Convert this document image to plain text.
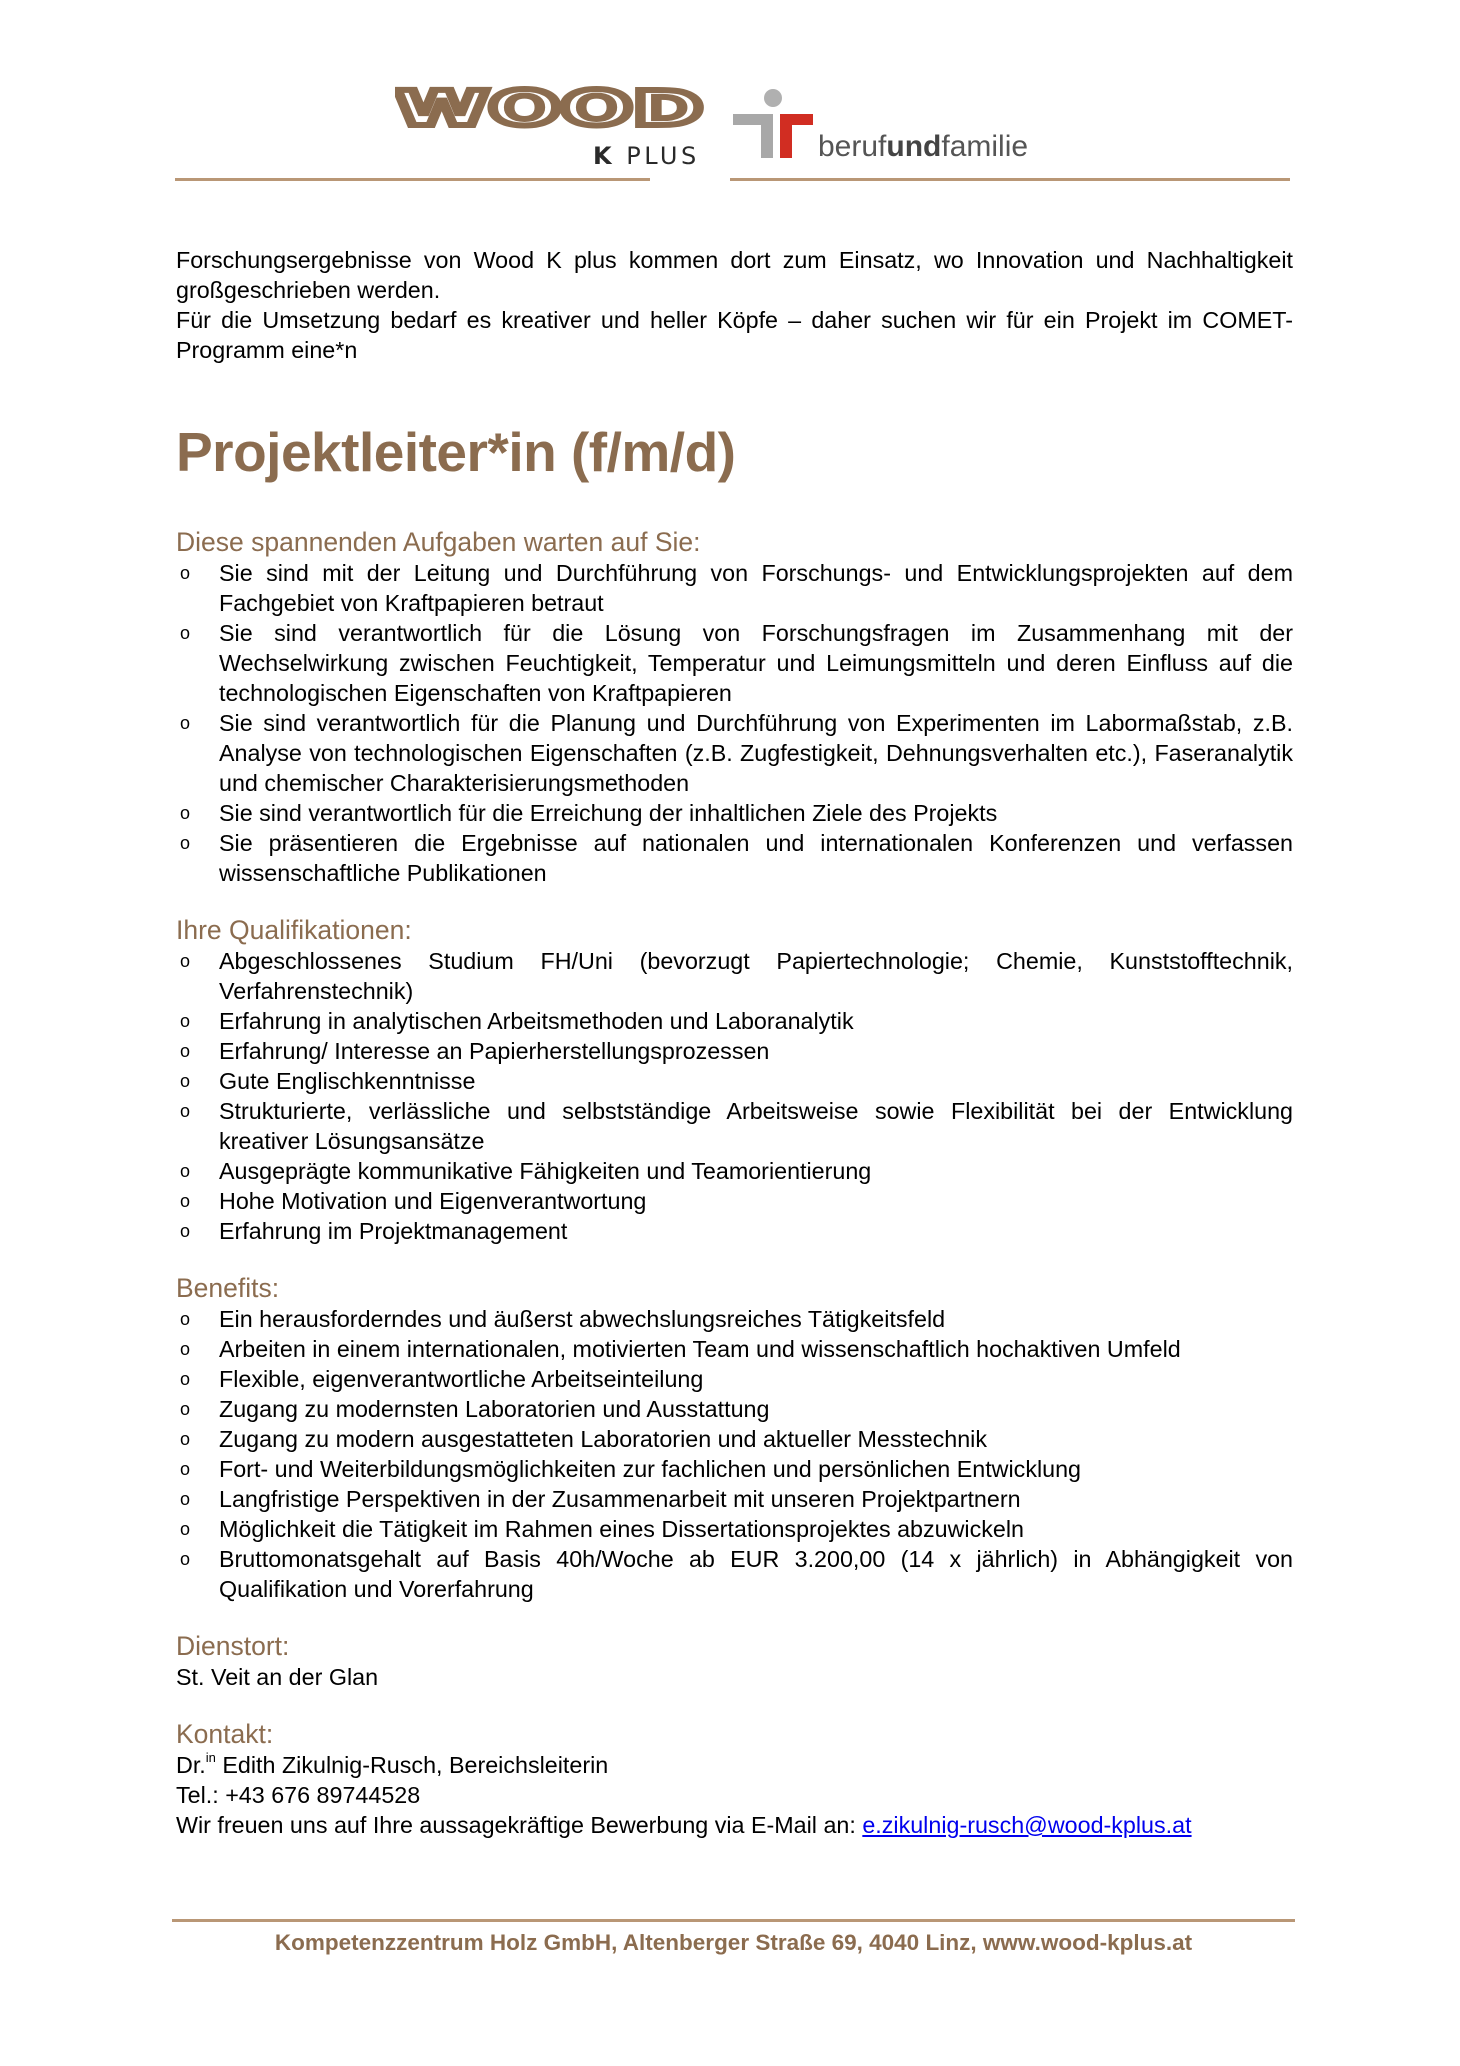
WOOD
K PLUS	berufundfamilie

Forschungsergebnisse von Wood K plus kommen dort zum Einsatz, wo Innovation und Nachhaltigkeit großgeschrieben werden.

Für die Umsetzung bedarf es kreativer und heller Köpfe – daher suchen wir für ein Projekt im COMET-Programm eine*n

Projektleiter*in (f/m/d)
Diese spannenden Aufgaben warten auf Sie:
o Sie sind mit der Leitung und Durchführung von Forschungs- und Entwicklungsprojekten auf dem Fachgebiet von Kraftpapieren betraut
o Sie sind verantwortlich für die Lösung von Forschungsfragen im Zusammenhang mit der Wechselwirkung zwischen Feuchtigkeit, Temperatur und Leimungsmitteln und deren Einfluss auf die technologischen Eigenschaften von Kraftpapieren
o Sie sind verantwortlich für die Planung und Durchführung von Experimenten im Labormaßstab, z.B. Analyse von technologischen Eigenschaften (z.B. Zugfestigkeit, Dehnungsverhalten etc.), Faseranalytik und chemischer Charakterisierungsmethoden
o Sie sind verantwortlich für die Erreichung der inhaltlichen Ziele des Projekts
o Sie präsentieren die Ergebnisse auf nationalen und internationalen Konferenzen und verfassen wissenschaftliche Publikationen
Ihre Qualifikationen:
o Abgeschlossenes Studium FH/Uni (bevorzugt Papiertechnologie; Chemie, Kunststofftechnik, Verfahrenstechnik)
o Erfahrung in analytischen Arbeitsmethoden und Laboranalytik
o Erfahrung/ Interesse an Papierherstellungsprozessen
o Gute Englischkenntnisse
o Strukturierte, verlässliche und selbstständige Arbeitsweise sowie Flexibilität bei der Entwicklung kreativer Lösungsansätze
o Ausgeprägte kommunikative Fähigkeiten und Teamorientierung
o Hohe Motivation und Eigenverantwortung
o Erfahrung im Projektmanagement
Benefits:
o Ein herausforderndes und äußerst abwechslungsreiches Tätigkeitsfeld
o Arbeiten in einem internationalen, motivierten Team und wissenschaftlich hochaktiven Umfeld
o Flexible, eigenverantwortliche Arbeitseinteilung
o Zugang zu modernsten Laboratorien und Ausstattung
o Zugang zu modern ausgestatteten Laboratorien und aktueller Messtechnik
o Fort- und Weiterbildungsmöglichkeiten zur fachlichen und persönlichen Entwicklung
o Langfristige Perspektiven in der Zusammenarbeit mit unseren Projektpartnern
o Möglichkeit die Tätigkeit im Rahmen eines Dissertationsprojektes abzuwickeln
o Bruttomonatsgehalt auf Basis 40h/Woche ab EUR 3.200,00 (14 x jährlich) in Abhängigkeit von Qualifikation und Vorerfahrung
Dienstort:

St. Veit an der Glan

Kontakt:

Dr.$^{in}$ Edith Zikulnig-Rusch, Bereichsleiterin

Tel.: +43 676 89744528

Wir freuen uns auf Ihre aussagekräftige Bewerbung via E-Mail an: e.zikulnig-rusch@wood-kplus.at

Kompetenzzentrum Holz GmbH, Altenberger Straße 69, 4040 Linz, www.wood-kplus.at
